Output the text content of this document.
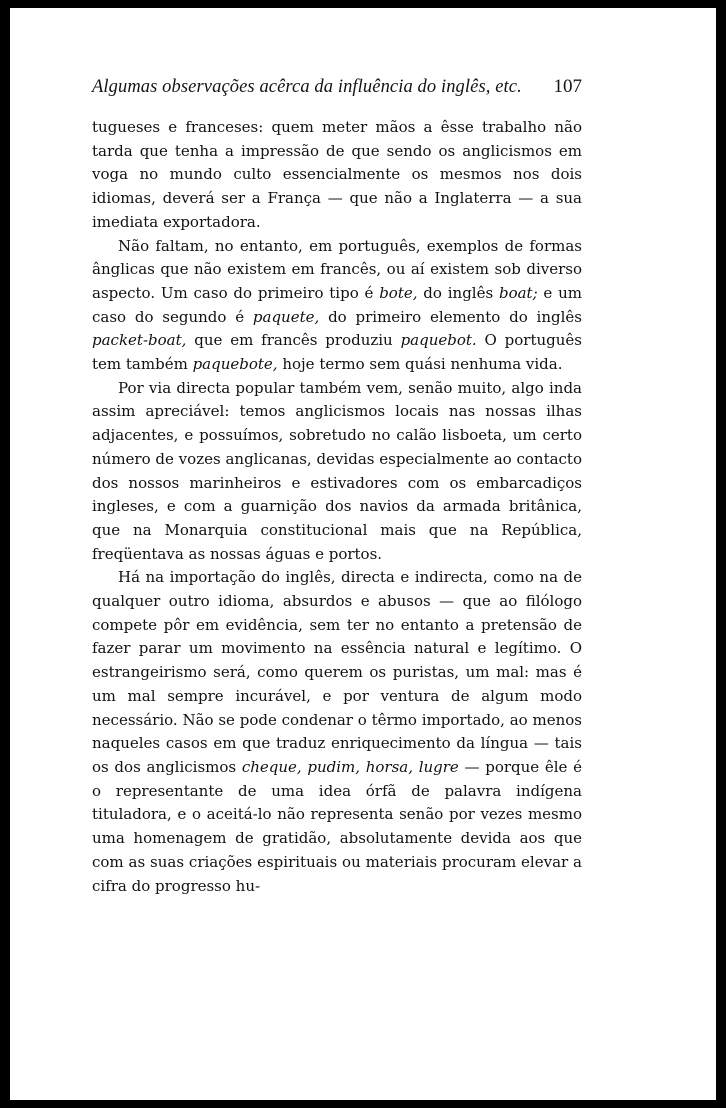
Algumas observações acêrca da influência do inglês, etc. 107

tugueses e franceses: quem meter mãos a êsse trabalho não tarda que tenha a impressão de que sendo os anglicismos em voga no mundo culto essencialmente os mesmos nos dois idiomas, deverá ser a França — que não a Inglaterra — a sua imediata exportadora.

Não faltam, no entanto, em português, exemplos de formas ânglicas que não existem em francês, ou aí existem sob diverso aspecto. Um caso do primeiro tipo é bote, do inglês boat; e um caso do segundo é paquete, do primeiro elemento do inglês packet-boat, que em francês produziu paquebot. O português tem também paquebote, hoje termo sem quási nenhuma vida.

Por via directa popular também vem, senão muito, algo inda assim apreciável: temos anglicismos locais nas nossas ilhas adjacentes, e possuímos, sobretudo no calão lisboeta, um certo número de vozes anglicanas, devidas especialmente ao contacto dos nossos marinheiros e estivadores com os embarcadiços ingleses, e com a guarnição dos navios da armada britânica, que na Monarquia constitucional mais que na República, freqüentava as nossas águas e portos.

Há na importação do inglês, directa e indirecta, como na de qualquer outro idioma, absurdos e abusos — que ao filólogo compete pôr em evidência, sem ter no entanto a pretensão de fazer parar um movimento na essência natural e legítimo. O estrangeirismo será, como querem os puristas, um mal: mas é um mal sempre incurável, e por ventura de algum modo necessário. Não se pode condenar o têrmo importado, ao menos naqueles casos em que traduz enriquecimento da língua — tais os dos anglicismos cheque, pudim, horsa, lugre — porque êle é o representante de uma idea órfã de palavra indígena tituladora, e o aceitá-lo não representa senão por vezes mesmo uma homenagem de gratidão, absolutamente devida aos que com as suas criações espirituais ou materiais procuram elevar a cifra do progresso hu-
